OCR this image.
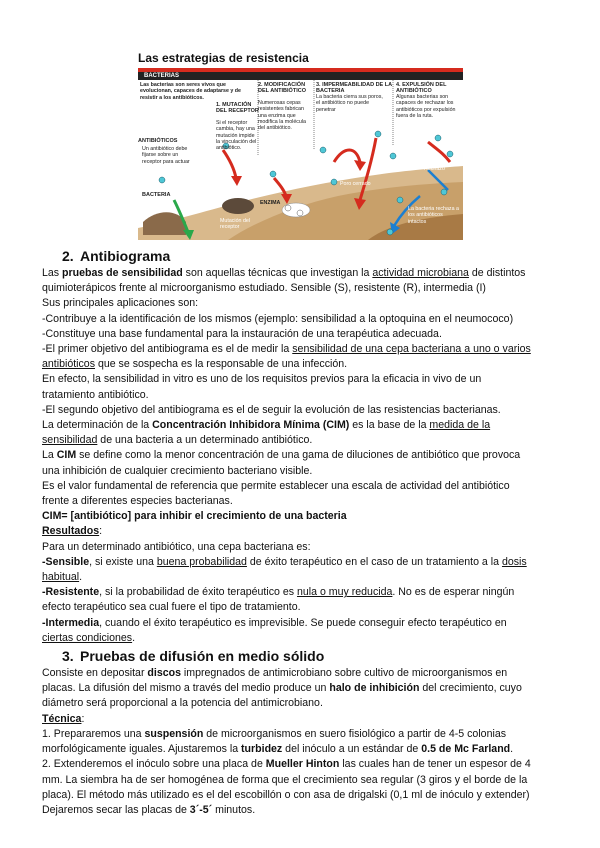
Las estrategias de resistencia
BACTERIAS
Las bacterias son seres vivos que evolucionan, capaces de adaptarse y de resistir a los antibióticos.
ANTIBIÓTICOS
Un antibiótico debe fijarse sobre un receptor para actuar
BACTERIA
1. MUTACIÓN DEL RECEPTOR
Si el receptor cambia, hay una mutación impide la vinculación del antibiótico.
2. MODIFICACIÓN DEL ANTIBIÓTICO
Numerosas cepas resistentes fabrican una enzima que modifica la molécula del antibiótico.
3. IMPERMEABILIDAD DE LA BACTERIA
La bacteria cierra sus poros, el antibiótico no puede penetrar
4. EXPULSIÓN DEL ANTIBIÓTICO
Algunas bacterias son capaces de rechazar los antibióticos por expulsión fuera de la ruta.
Mutación del receptor
ENZIMA
Poro cerrado
Rechazo
La bacteria rechaza a los antibióticos intactos
2. Antibiograma

Las pruebas de sensibilidad son aquellas técnicas que investigan la actividad microbiana de distintos

quimioterápicos frente al microorganismo estudiado. Sensible (S), resistente (R), intermedia (I)

Sus principales aplicaciones son:

-Contribuye a la identificación de los mismos (ejemplo: sensibilidad a la optoquina en el neumococo)

-Constituye una base fundamental para la instauración de una terapéutica adecuada.

-El primer objetivo del antibiograma es el de medir la sensibilidad de una cepa bacteriana a uno o varios

antibióticos que se sospecha es la responsable de una infección.

En efecto, la sensibilidad in vitro es uno de los requisitos previos para la eficacia in vivo de un

tratamiento antibiótico.

-El segundo objetivo del antibiograma es el de seguir la evolución de las resistencias bacterianas.

La determinación de la Concentración Inhibidora Mínima (CIM) es la base de la medida de la

sensibilidad de una bacteria a un determinado antibiótico.

La CIM se define como la menor concentración de una gama de diluciones de antibiótico que provoca

una inhibición de cualquier crecimiento bacteriano visible.

Es el valor fundamental de referencia que permite establecer una escala de actividad del antibiótico

frente a diferentes especies bacterianas.

CIM= [antibiótico] para inhibir el crecimiento de una bacteria

Resultados:

Para un determinado antibiótico, una cepa bacteriana es:

-Sensible, si existe una buena probabilidad de éxito terapéutico en el caso de un tratamiento a la dosis

habitual.

-Resistente, si la probabilidad de éxito terapéutico es nula o muy reducida. No es de esperar ningún

efecto terapéutico sea cual fuere el tipo de tratamiento.

-Intermedia, cuando el éxito terapéutico es imprevisible. Se puede conseguir efecto terapéutico en

ciertas condiciones.

3. Pruebas de difusión en medio sólido

Consiste en depositar discos impregnados de antimicrobiano sobre cultivo de microorganismos en

placas. La difusión del mismo a través del medio produce un halo de inhibición del crecimiento, cuyo

diámetro será proporcional a la potencia del antimicrobiano.

Técnica:

1. Prepararemos una suspensión de microorganismos en suero fisiológico a partir de 4-5 colonias

morfológicamente iguales. Ajustaremos la turbidez del inóculo a un estándar de 0.5 de Mc Farland.

2. Extenderemos el inóculo sobre una placa de Mueller Hinton las cuales han de tener un espesor de 4

mm. La siembra ha de ser homogénea de forma que el crecimiento sea regular (3 giros y el borde de la

placa). El método más utilizado es el del escobillón o con asa de drigalski (0,1 ml de inóculo y extender)

Dejaremos secar las placas de 3´-5´ minutos.
